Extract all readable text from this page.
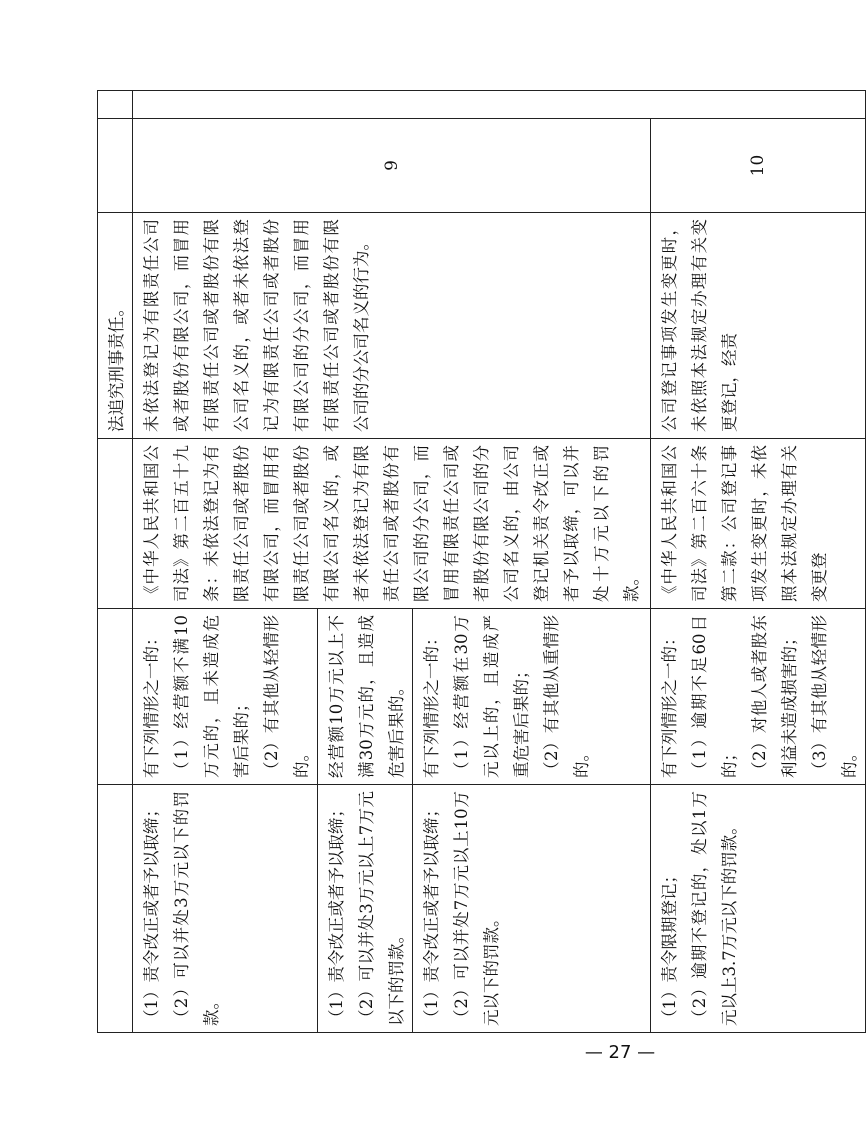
			法追究刑事责任。		

（1）责令改正或者予以取缔；
（2）可以并处3万元以下的罚款。	有下列情形之一的：
（1）经营额不满10万元的，且未造成危害后果的；
（2）有其他从轻情形的。	《中华人民共和国公司法》第二百五十九条：未依法登记为有限责任公司或者股份有限公司，而冒用有限责任公司或者股份有限公司名义的，或者未依法登记为有限责任公司或者股份有限公司的分公司，而冒用有限责任公司或者股份有限公司的分公司名义的，由公司登记机关责令改正或者予以取缔，可以并处十万元以下的罚款。	未依法登记为有限责任公司或者股份有限公司，而冒用有限责任公司或者股份有限公司名义的，或者未依法登记为有限责任公司或者股份有限公司的分公司，而冒用有限责任公司或者股份有限公司的分公司名义的行为。	9	

（1）责令改正或者予以取缔；
（2）可以并处3万元以上7万元以下的罚款。	经营额10万元以上不满30万元的，且造成危害后果的。				

（1）责令改正或者予以取缔；
（2）可以并处7万元以上10万元以下的罚款。	有下列情形之一的：
（1）经营额在30万元以上的，且造成严重危害后果的；
（2）有其他从重情形的。				

（1）责令限期登记；
（2）逾期不登记的，处以1万元以上3.7万元以下的罚款。	有下列情形之一的：
（1）逾期不足60日的；
（2）对他人或者股东利益未造成损害的；
（3）有其他从轻情形的。	《中华人民共和国公司法》第二百六十条第二款：公司登记事项发生变更时，未依照本法规定办理有关变更登	公司登记事项发生变更时，未依照本法规定办理有关变更登记，经责	10	
— 27 —
